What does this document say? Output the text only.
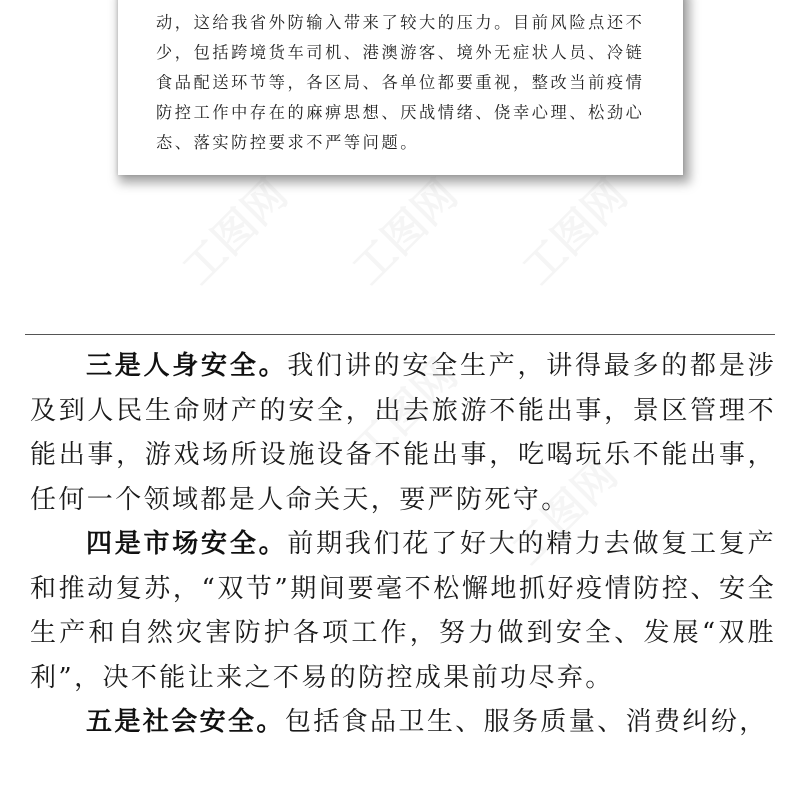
动，这给我省外防输入带来了较大的压力。目前风险点还不
少，包括跨境货车司机、港澳游客、境外无症状人员、冷链
食品配送环节等，各区局、各单位都要重视，整改当前疫情
防控工作中存在的麻痹思想、厌战情绪、侥幸心理、松劲心
态、落实防控要求不严等问题。

工图网 工图网 工图网
工图网
工图网

三是人身安全。我们讲的安全生产，讲得最多的都是涉及到人民生命财产的安全，出去旅游不能出事，景区管理不能出事，游戏场所设施设备不能出事，吃喝玩乐不能出事，任何一个领域都是人命关天，要严防死守。

四是市场安全。前期我们花了好大的精力去做复工复产和推动复苏，“双节”期间要毫不松懈地抓好疫情防控、安全生产和自然灾害防护各项工作，努力做到安全、发展“双胜利”，决不能让来之不易的防控成果前功尽弃。

五是社会安全。包括食品卫生、服务质量、消费纠纷，
